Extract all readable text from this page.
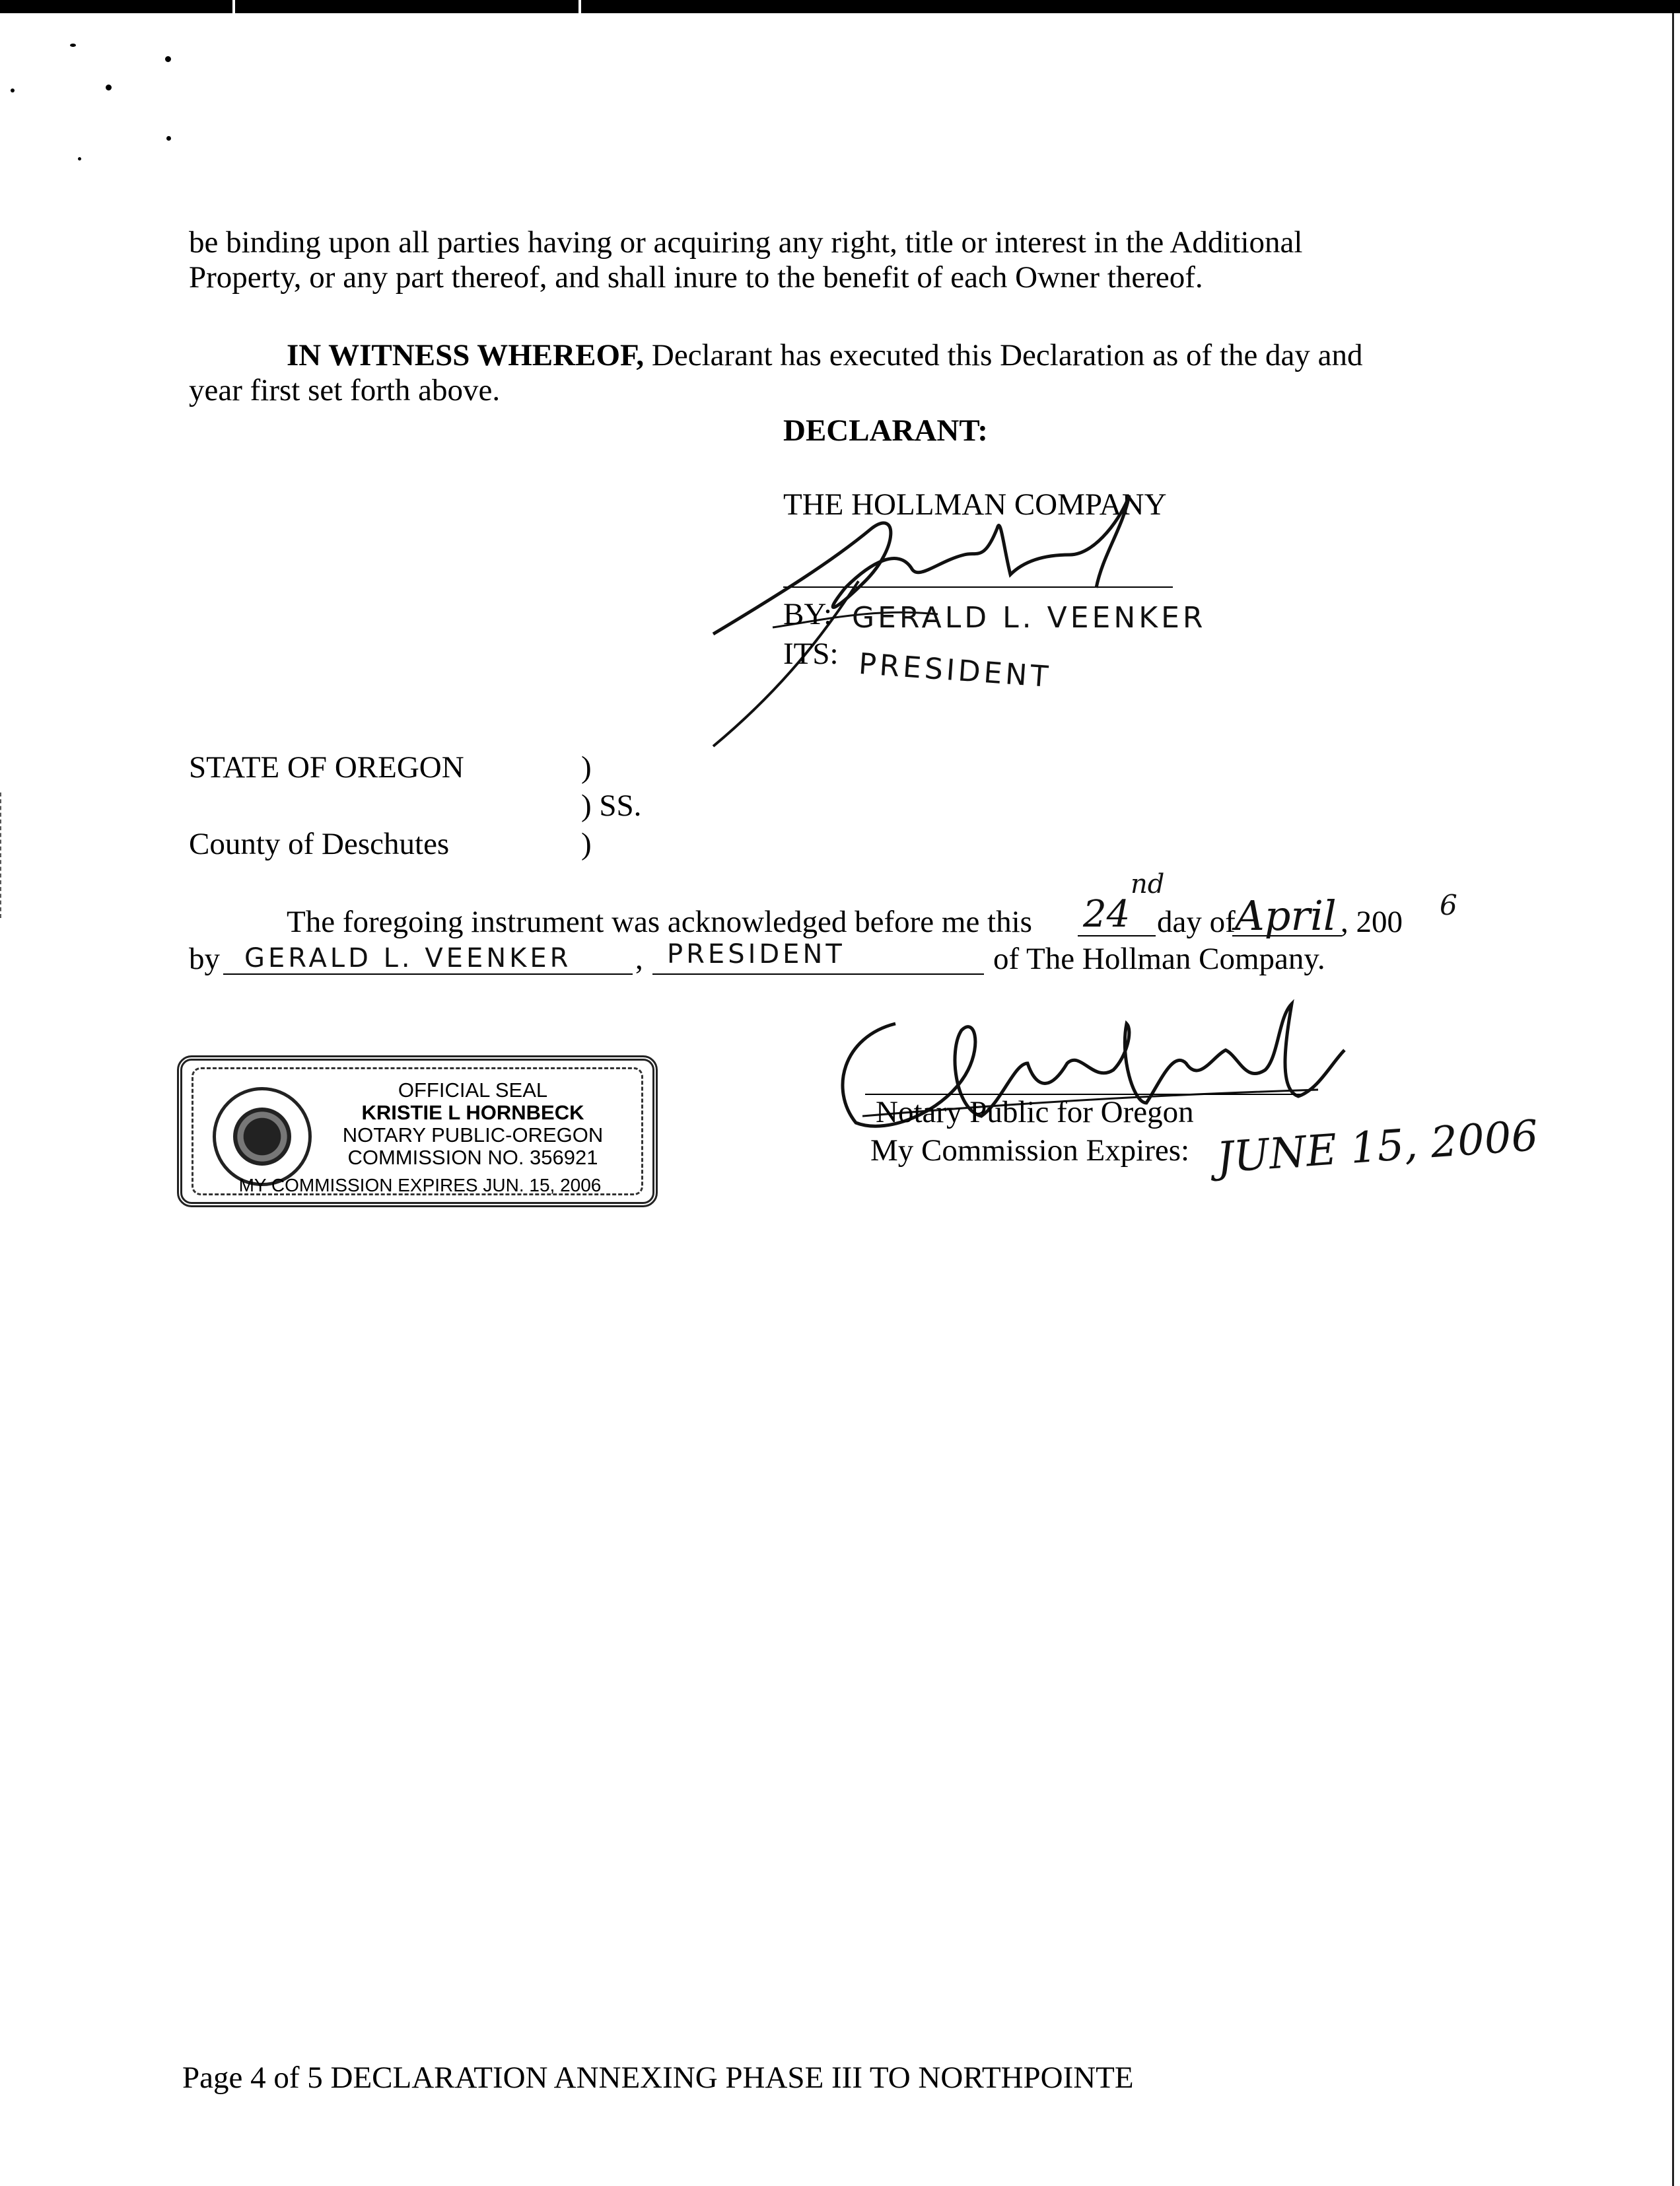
be binding upon all parties having or acquiring any right, title or interest in the Additional
Property, or any part thereof, and shall inure to the benefit of each Owner thereof.
IN WITNESS WHEREOF, Declarant has executed this Declaration as of the day and
year first set forth above.
DECLARANT:
THE HOLLMAN COMPANY
BY: GERALD L. VEENKER
ITS: PRESIDENT
STATE OF OREGON	)
) SS.
County of Deschutes	)
The foregoing instrument was acknowledged before me this 24
nd
day of April , 200 6
by GERALD L. VEENKER , PRESIDENT	of The Hollman Company.
Notary Public for Oregon
My Commission Expires: JUNE 15, 2006
OFFICIAL SEAL
KRISTIE L HORNBECK
NOTARY PUBLIC-OREGON
COMMISSION NO. 356921
MY COMMISSION EXPIRES JUN. 15, 2006
Page 4 of 5 DECLARATION ANNEXING PHASE III TO NORTHPOINTE
